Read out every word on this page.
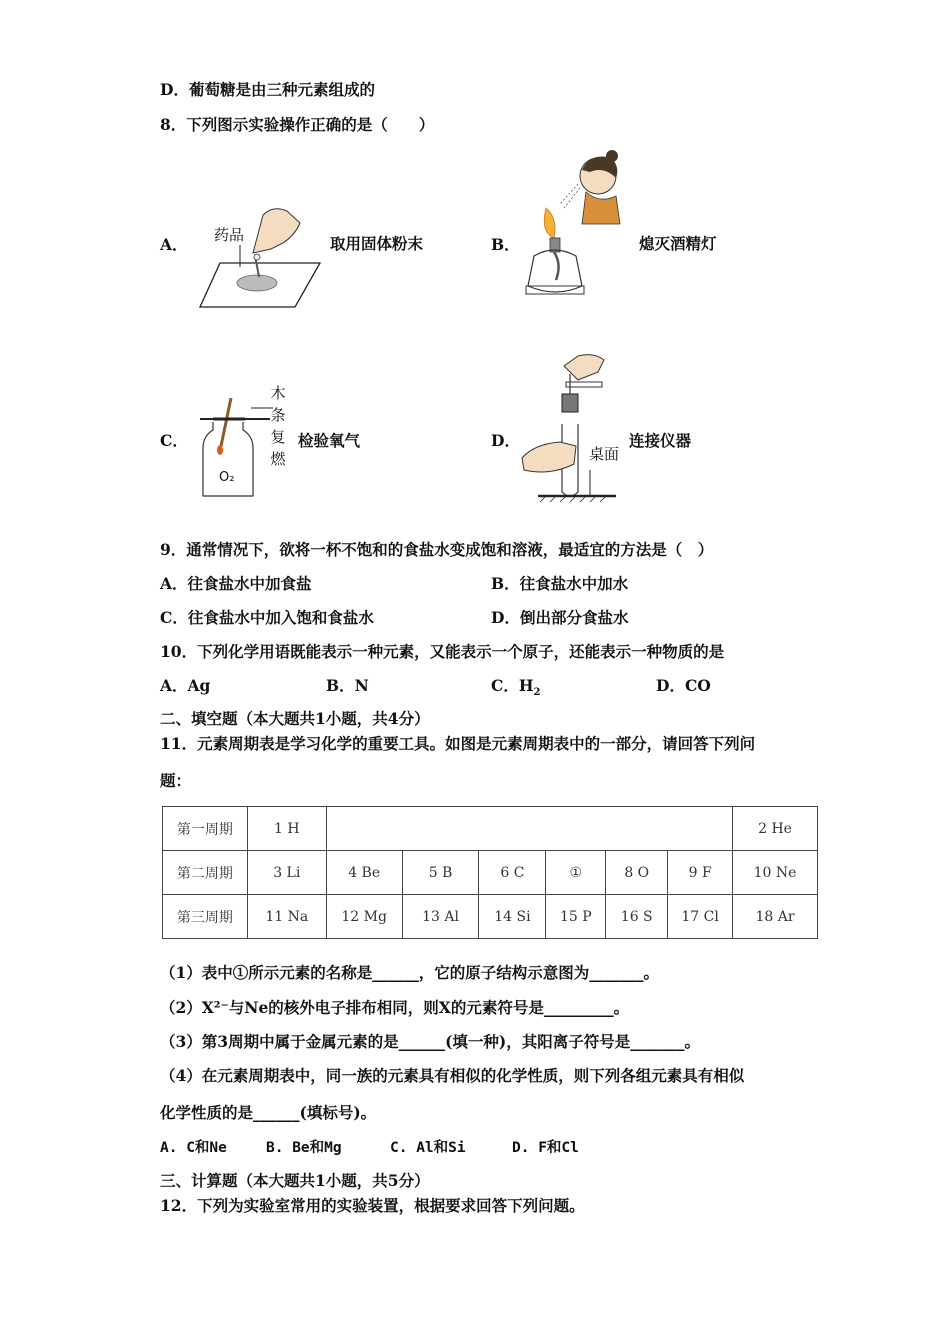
D．葡萄糖是由三种元素组成的
8．下列图示实验操作正确的是（　　）
A． 药品	取用固体粉末	B．	熄灭酒精灯
C．
O₂
木条复燃
检验氧气	D．
桌面
连接仪器
9．通常情况下，欲将一杯不饱和的食盐水变成饱和溶液，最适宜的方法是（　）
A．往食盐水中加食盐	B．往食盐水中加水
C．往食盐水中加入饱和食盐水	D．倒出部分食盐水
10．下列化学用语既能表示一种元素，又能表示一个原子，还能表示一种物质的是
A．Ag	B．N	C．$H_2$	D．CO
二、填空题（本大题共1小题，共4分）
11．元素周期表是学习化学的重要工具。如图是元素周期表中的一部分，请回答下列问
题：
第一周期	1 H							2 He
第二周期	3 Li	4 Be	5 B	6 C	①	8 O	9 F	10 Ne
第三周期	11 Na	12 Mg	13 Al	14 Si	15 P	16 S	17 Cl	18 Ar
（1）表中①所示元素的名称是______，它的原子结构示意图为_______。
（2）X²⁻与Ne的核外电子排布相同，则X的元素符号是_________。
（3）第3周期中属于金属元素的是______(填一种)，其阳离子符号是_______。
（4）在元素周期表中，同一族的元素具有相似的化学性质，则下列各组元素具有相似
化学性质的是______(填标号)。
A. C和Ne	B. Be和Mg	C. Al和Si	D. F和Cl
三、计算题（本大题共1小题，共5分）
12．下列为实验室常用的实验装置，根据要求回答下列问题。
